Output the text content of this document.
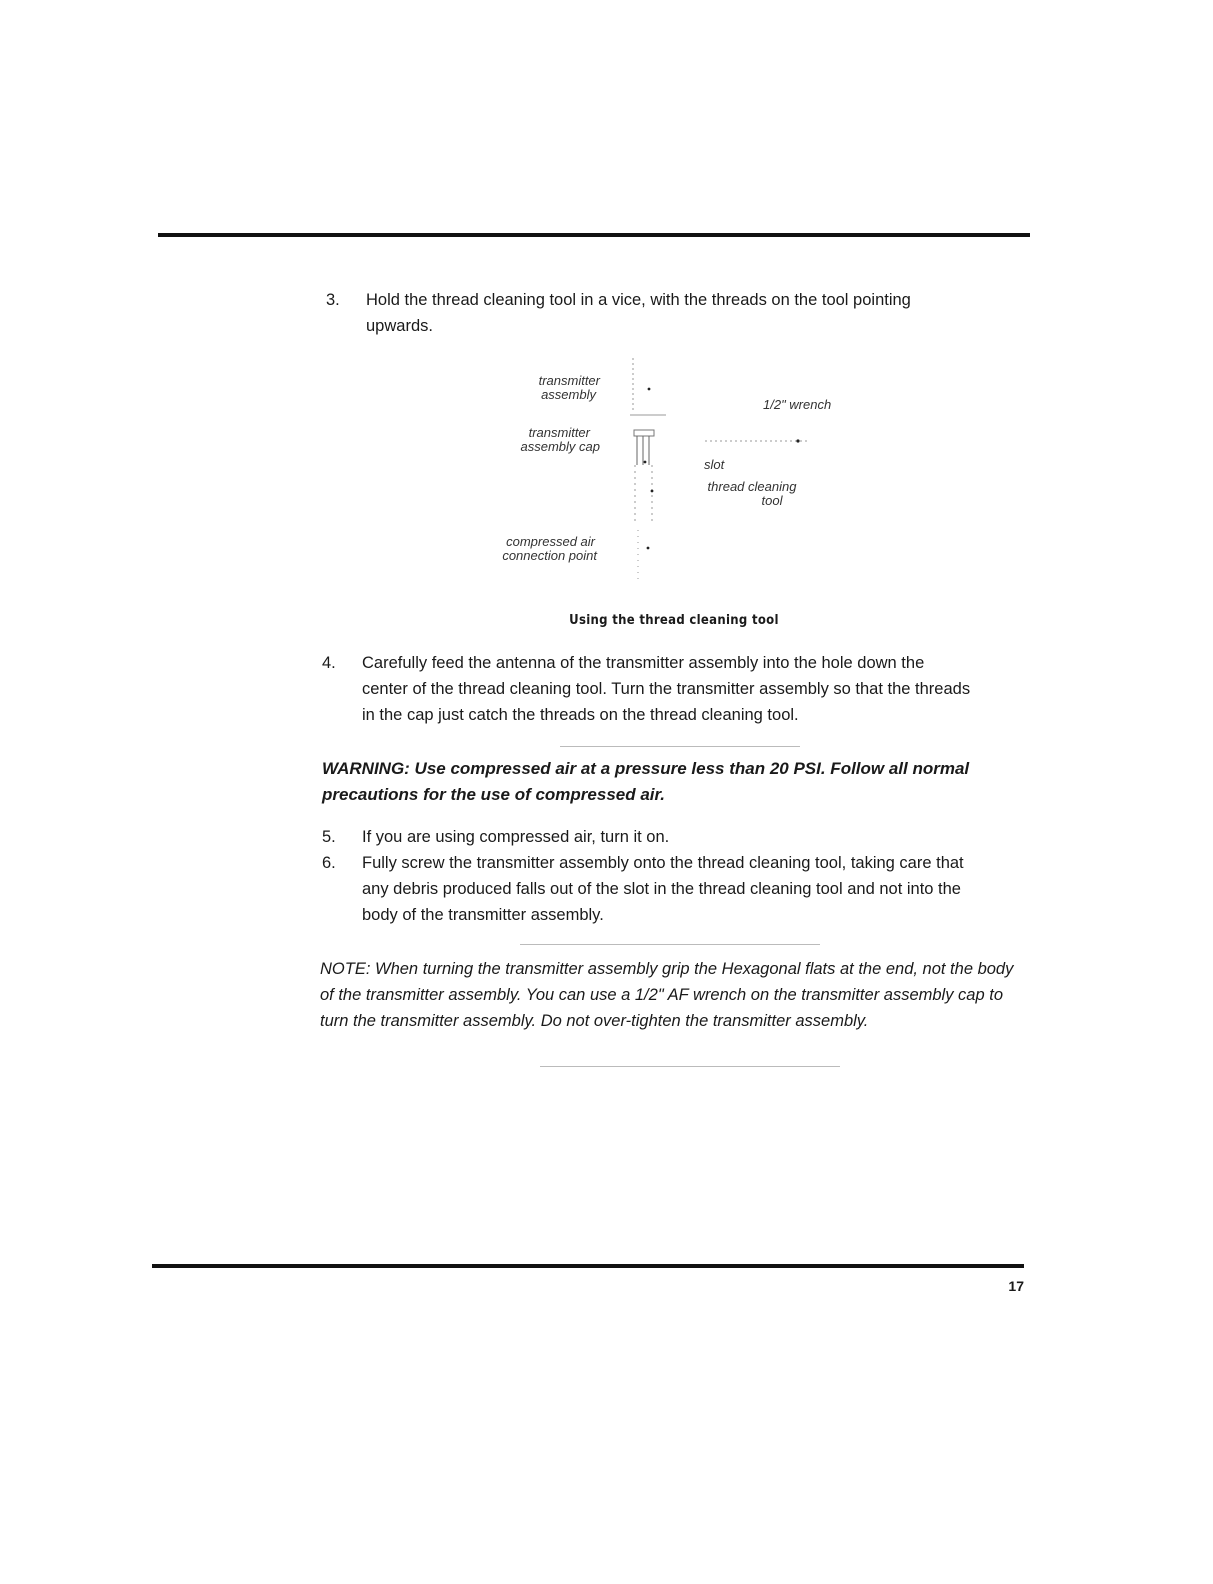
3. Hold the thread cleaning tool in a vice, with the threads on the tool pointing upwards.
transmitter
assembly
transmitter
assembly cap
compressed air
connection point
1/2" wrench
slot
thread cleaning
tool
Using the thread cleaning tool
4. Carefully feed the antenna of the transmitter assembly into the hole down the center of the thread cleaning tool. Turn the transmitter assembly so that the threads in the cap just catch the threads on the thread cleaning tool.
WARNING: Use compressed air at a pressure less than 20 PSI. Follow all normal precautions for the use of compressed air.
5. If you are using compressed air, turn it on.
6. Fully screw the transmitter assembly onto the thread cleaning tool, taking care that any debris produced falls out of the slot in the thread cleaning tool and not into the body of the transmitter assembly.
NOTE: When turning the transmitter assembly grip the Hexagonal flats at the end, not the body of the transmitter assembly. You can use a 1/2" AF wrench on the transmitter assembly cap to turn the transmitter assembly. Do not over-tighten the transmitter assembly.
17
